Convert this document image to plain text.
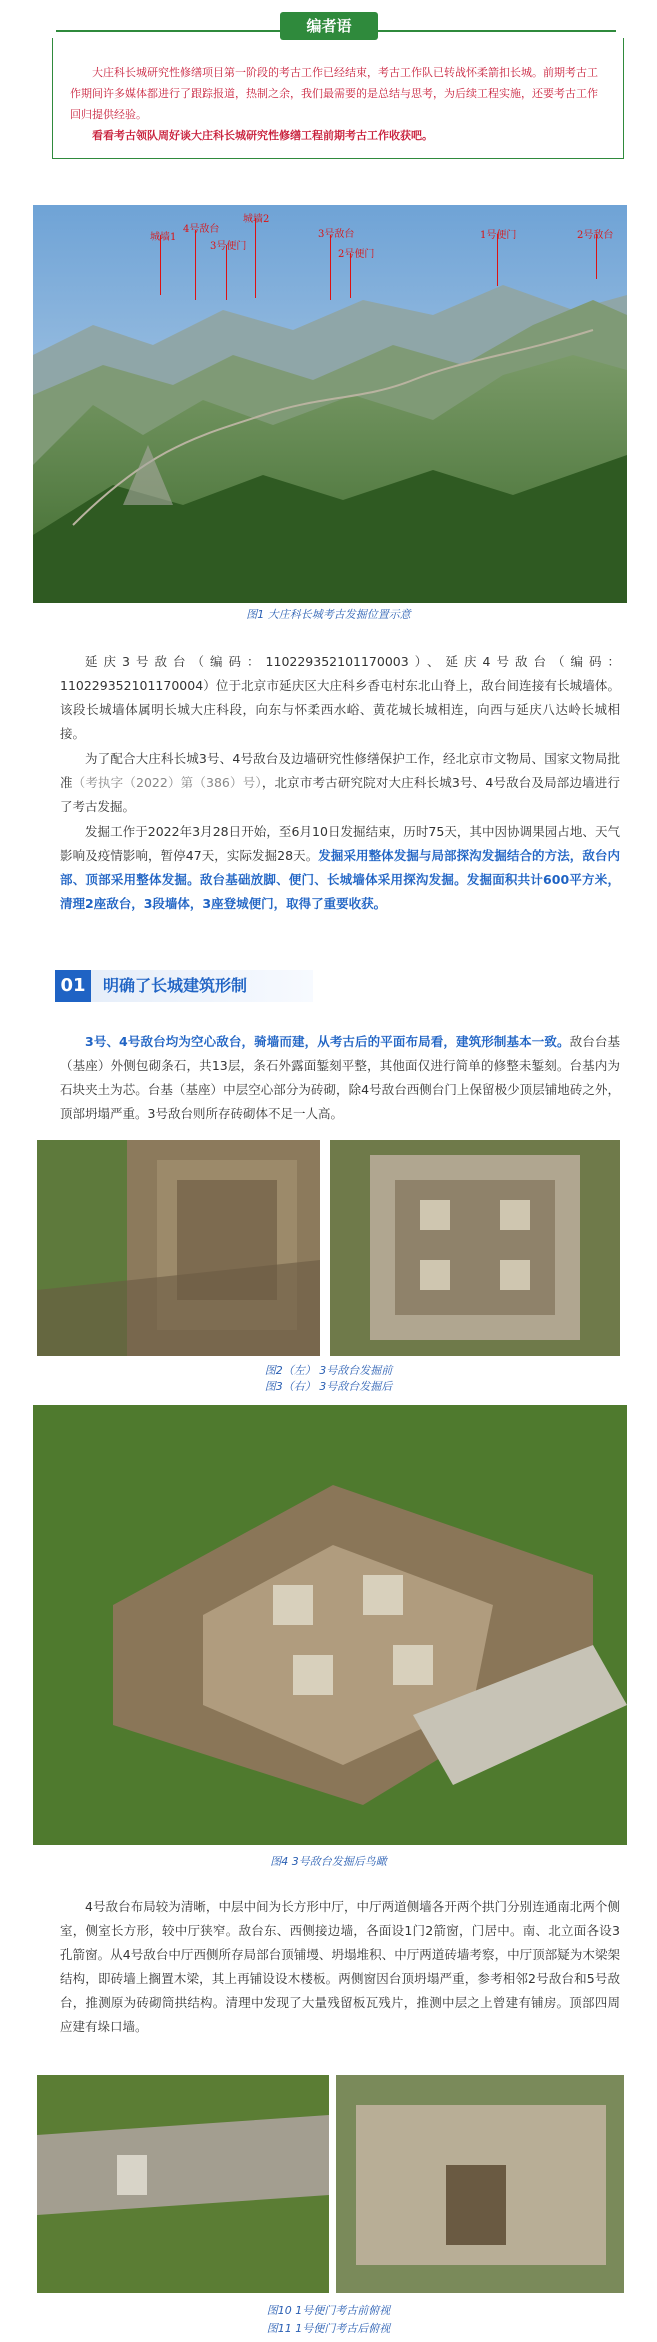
编者语

大庄科长城研究性修缮项目第一阶段的考古工作已经结束，考古工作队已转战怀柔箭扣长城。前期考古工作期间许多媒体都进行了跟踪报道，热制之余，我们最需要的是总结与思考，为后续工程实施，还要考古工作回归提供经验。

看看考古领队周好谈大庄科长城研究性修缮工程前期考古工作收获吧。

城墙1
4号敌台
城墙2
3号便门
3号敌台
2号便门
1号便门	2号敌台
图1 大庄科长城考古发掘位置示意

延庆3号敌台（编码：110229352101170003）、延庆4号敌台（编码：110229352101170004）位于北京市延庆区大庄科乡香屯村东北山脊上，敌台间连接有长城墙体。该段长城墙体属明长城大庄科段，向东与怀柔西水峪、黄花城长城相连，向西与延庆八达岭长城相接。

为了配合大庄科长城3号、4号敌台及边墙研究性修缮保护工作，经北京市文物局、国家文物局批准（考执字（2022）第（386）号），北京市考古研究院对大庄科长城3号、4号敌台及局部边墙进行了考古发掘。

发掘工作于2022年3月28日开始，至6月10日发掘结束，历时75天，其中因协调果园占地、天气影响及疫情影响，暂停47天，实际发掘28天。发掘采用整体发掘与局部探沟发掘结合的方法，敌台内部、顶部采用整体发掘。敌台基础放脚、便门、长城墙体采用探沟发掘。发掘面积共计600平方米，清理2座敌台，3段墙体，3座登城便门，取得了重要收获。

01	明确了长城建筑形制

3号、4号敌台均为空心敌台，骑墙而建，从考古后的平面布局看，建筑形制基本一致。敌台台基（基座）外侧包砌条石，共13层，条石外露面錾刻平整，其他面仅进行简单的修整未錾刻。台基内为石块夹土为芯。台基（基座）中层空心部分为砖砌，除4号敌台西侧台门上保留极少顶层铺地砖之外，顶部坍塌严重。3号敌台则所存砖砌体不足一人高。

图2（左） 3号敌台发掘前
图3（右） 3号敌台发掘后
图4 3号敌台发掘后鸟瞰

4号敌台布局较为清晰，中层中间为长方形中厅，中厅两道侧墙各开两个拱门分别连通南北两个侧室，侧室长方形，较中厅狭窄。敌台东、西侧接边墙，各面设1门2箭窗，门居中。南、北立面各设3孔箭窗。从4号敌台中厅西侧所存局部台顶铺墁、坍塌堆积、中厅两道砖墙考察，中厅顶部疑为木梁架结构，即砖墙上搁置木梁，其上再铺设设木楼板。两侧窗因台顶坍塌严重，参考相邻2号敌台和5号敌台，推测原为砖砌筒拱结构。清理中发现了大量残留板瓦残片，推测中层之上曾建有铺房。顶部四周应建有垛口墙。

图10 1号便门考古前俯视
图11 1号便门考古后俯视
